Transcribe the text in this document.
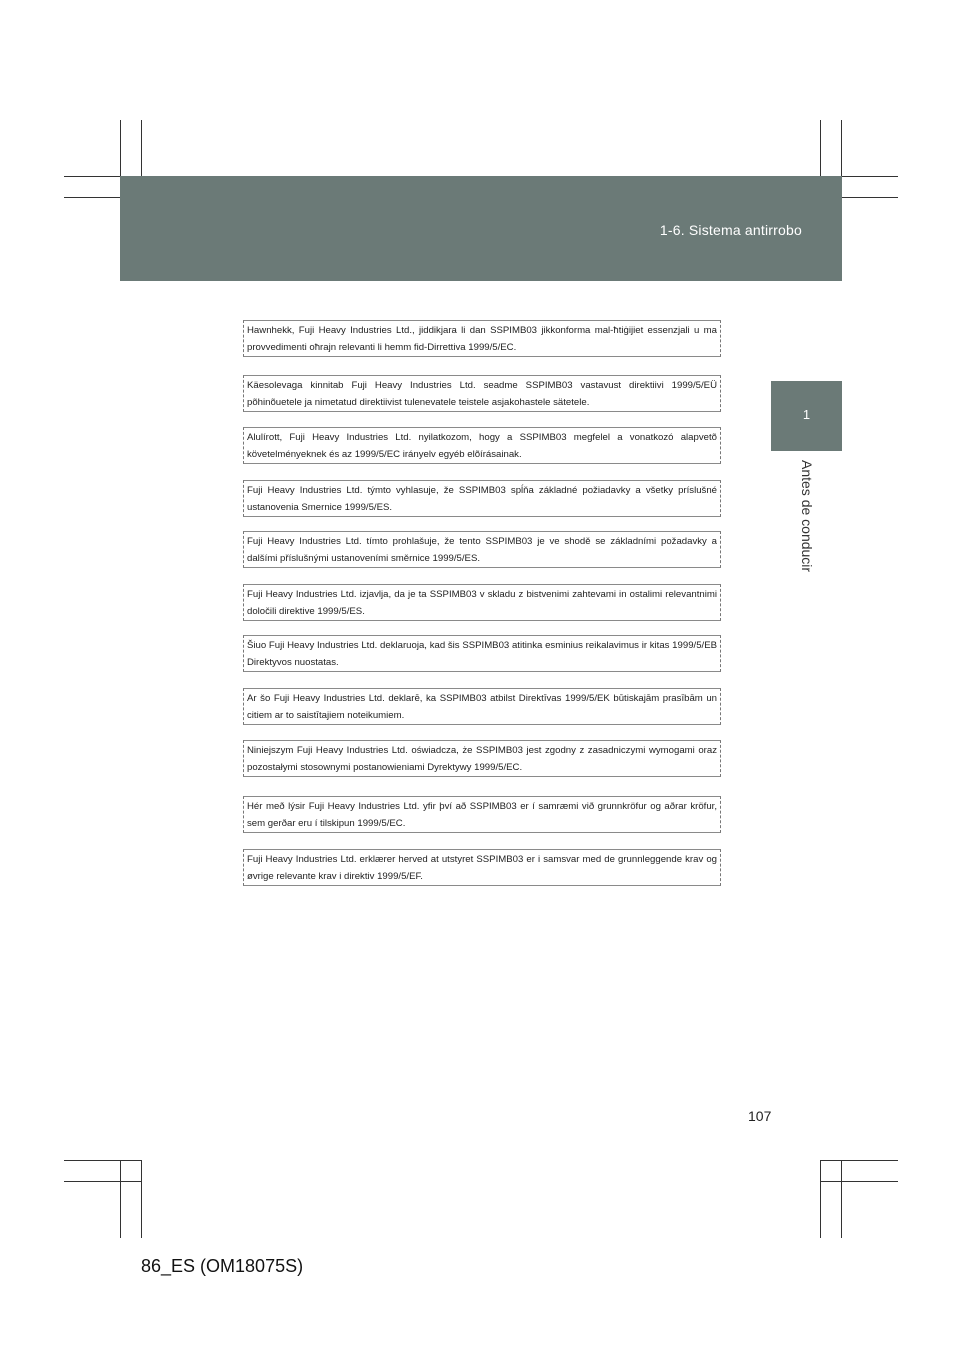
1-6. Sistema antirrobo
1
Antes de conducir
Hawnhekk, Fuji Heavy Industries Ltd., jiddikjara li dan SSPIMB03 jikkonforma mal-ħtiġijiet essenzjali u ma provvedimenti oħrajn relevanti li hemm fid-Dirrettiva 1999/5/EC.
Käesolevaga kinnitab Fuji Heavy Industries Ltd. seadme SSPIMB03 vastavust direktiivi 1999/5/EÜ põhinõuetele ja nimetatud direktiivist tulenevatele teistele asjakohastele sätetele.
Alulírott, Fuji Heavy Industries Ltd. nyilatkozom, hogy a SSPIMB03 megfelel a vonatkozó alapvetõ követelményeknek és az 1999/5/EC irányelv egyéb elõírásainak.
Fuji Heavy Industries Ltd. týmto vyhlasuje, že SSPIMB03 spĺňa základné požiadavky a všetky príslušné ustanovenia Smernice 1999/5/ES.
Fuji Heavy Industries Ltd. tímto prohlašuje, že tento SSPIMB03 je ve shodě se základními požadavky a dalšími příslušnými ustanoveními směrnice 1999/5/ES.
Fuji Heavy Industries Ltd. izjavlja, da je ta SSPIMB03 v skladu z bistvenimi zahtevami in ostalimi relevantnimi določili direktive 1999/5/ES.
Šiuo Fuji Heavy Industries Ltd. deklaruoja, kad šis SSPIMB03 atitinka esminius reikalavimus ir kitas 1999/5/EB Direktyvos nuostatas.
Ar šo Fuji Heavy Industries Ltd. deklarē, ka SSPIMB03 atbilst Direktīvas 1999/5/EK būtiskajām prasībām un citiem ar to saistītajiem noteikumiem.
Niniejszym Fuji Heavy Industries Ltd. oświadcza, że SSPIMB03 jest zgodny z zasadniczymi wymogami oraz pozostałymi stosownymi postanowieniami Dyrektywy 1999/5/EC.
Hér með lýsir Fuji Heavy Industries Ltd. yfir því að SSPIMB03 er í samræmi við grunnkröfur og aðrar kröfur, sem gerðar eru í tilskipun 1999/5/EC.
Fuji Heavy Industries Ltd. erklærer herved at utstyret SSPIMB03 er i samsvar med de grunnleggende krav og øvrige relevante krav i direktiv 1999/5/EF.
107
86_ES (OM18075S)
